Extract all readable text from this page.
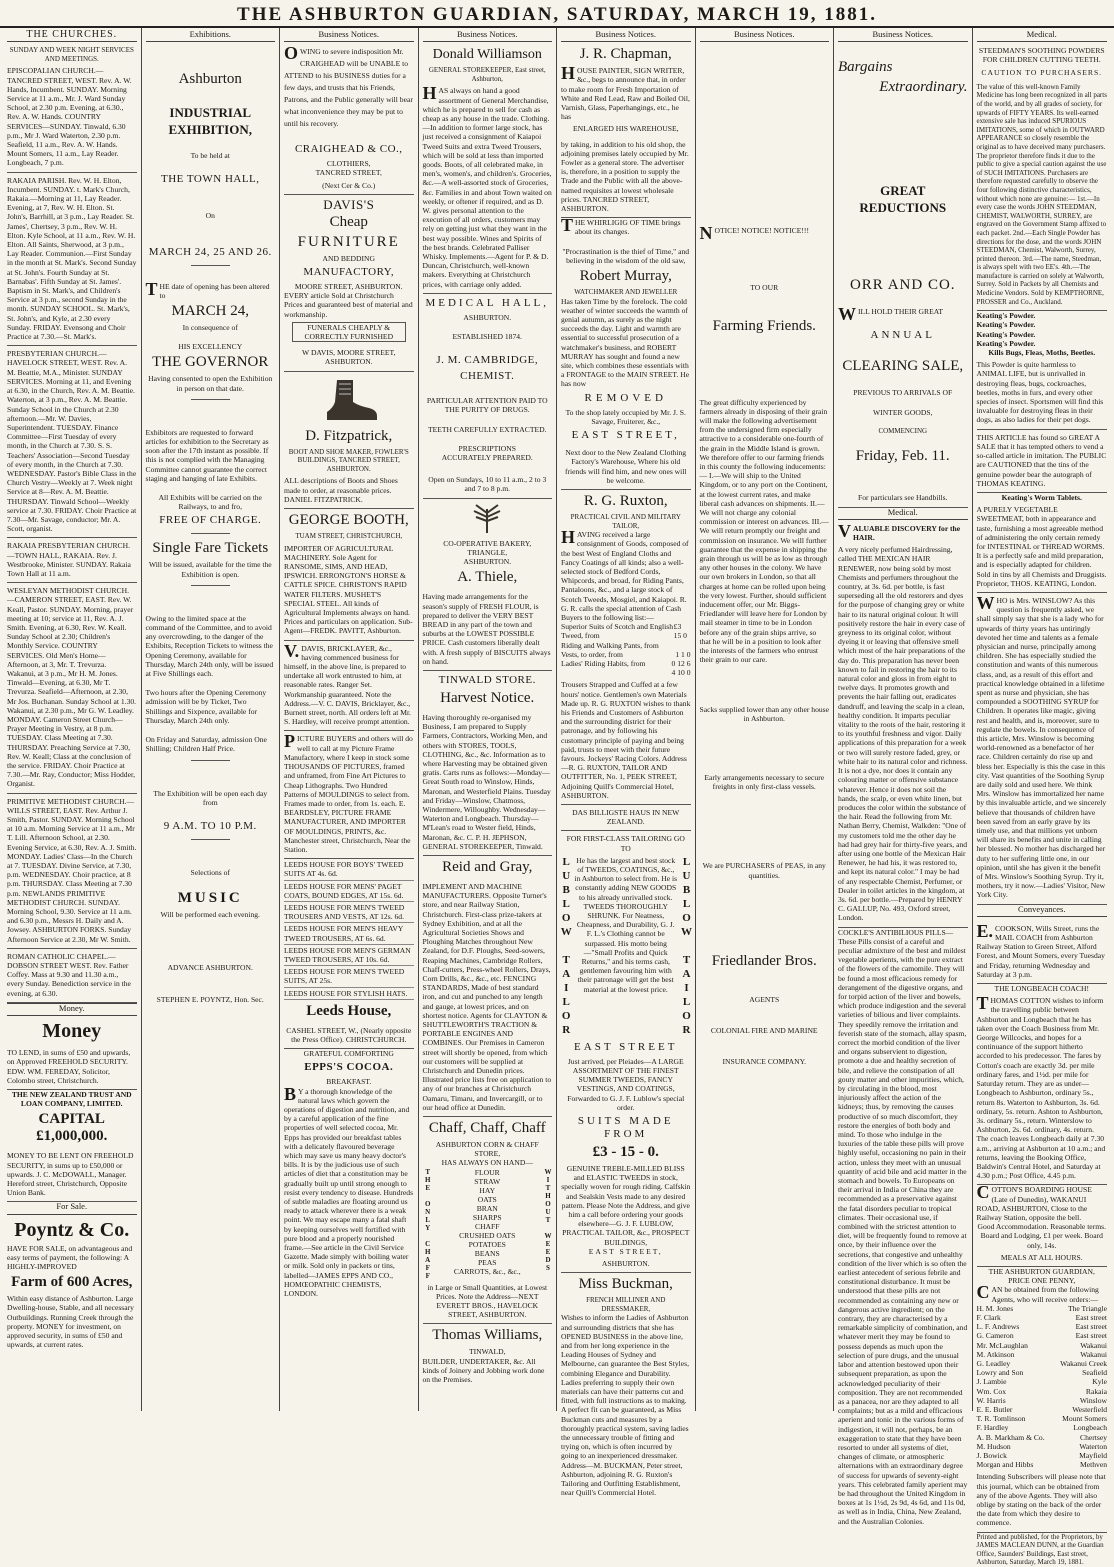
THE ASHBURTON GUARDIAN, SATURDAY, MARCH 19, 1881.
THE CHURCHES.
SUNDAY AND WEEK NIGHT SERVICES AND MEETINGS.
EPISCOPALIAN CHURCH.—TANCRED STREET, WEST. Rev. A. W. Hands, Incumbent. SUNDAY. Morning Service at 11 a.m., Mr. J. Ward Sunday School, at 2.30 p.m. Evening, at 6.30., Rev. A. W. Hands. COUNTRY SERVICES—SUNDAY. Tinwald, 6.30 p.m., Mr J. Ward Waterton, 2.30 p.m. Seafield, 11 a.m., Rev. A. W. Hands. Mount Somers, 11 a.m., Lay Reader. Longbeach, 7 p.m.
RAKAIA PARISH. Rev. W. H. Elton, Incumbent. SUNDAY. t. Mark's Church, Rakaia.—Morning at 11, Lay Reader. Evening, at 7, Rev. W. H. Elton. St. John's, Barrhill, at 3 p.m., Lay Reader. St. James', Chertsey, 3 p.m., Rev. W. H. Elton. Kyle School, at 11 a.m., Rev. W. H. Elton. All Saints, Sherwood, at 3 p.m., Lay Reader. Communion.—First Sunday in the month at St. Mark's. Second Sunday at St. John's. Fourth Sunday at St. Barnabas'. Fifth Sunday at St. James'. Baptism in St. Mark's, and Children's Service at 3 p.m., second Sunday in the month. SUNDAY SCHOOL. St. Mark's, St. John's, and Kyle, at 2.30 every Sunday. FRIDAY. Evensong and Choir Practice at 7.30.—St. Mark's.
PRESBYTERIAN CHURCH.—HAVELOCK STREET, WEST. Rev. A. M. Beattie, M.A., Minister. SUNDAY SERVICES. Morning at 11, and Evening at 6.30, in the Church, Rev. A. M. Beattie. Waterton, at 3 p.m., Rev. A. M. Beattie. Sunday School in the Church at 2.30 afternoon.—Mr. W. Davies, Superintendent. TUESDAY. Finance Committee—First Tuesday of every month, in the Church at 7.30. S. S. Teachers' Association—Second Tuesday of every month, in the Church at 7.30. WEDNESDAY. Pastor's Bible Class in the Church Vestry—Weekly at 7. Week night Service at 8—Rev. A. M. Beattie. THURSDAY. Tinwald School—Weekly service at 7.30. FRIDAY. Choir Practice at 7.30—Mr. Savage, conductor; Mr. A. Scott, organist.
RAKAIA PRESBYTERIAN CHURCH.—TOWN HALL, RAKAIA. Rev. J. Westbrooke, Minister. SUNDAY. Rakaia Town Hall at 11 a.m.
WESLEYAN METHODIST CHURCH.—CAMERON STREET, EAST. Rev. W. Keall, Pastor. SUNDAY. Morning, prayer meeting at 10; service at 11, Rev. A. J. Smith. Evening, at 6.30, Rev. W. Keall. Sunday School at 2.30; Children's Monthly Service. COUNTRY SERVICES. Old Men's Home—Afternoon, at 3, Mr. T. Trevurza. Wakanui, at 3 p.m., Mr H. M. Jones. Tinwald—Evening, at 6.30, Mr T. Trevurza. Seafield—Afternoon, at 2.30, Mr Jos. Buchanan. Sunday School at 1.30. Wakanui, at 2.30 p.m., Mr G. W. Leadley. MONDAY. Cameron Street Church—Prayer Meeting in Vestry, at 8 p.m. TUESDAY. Class Meeting at 7.30. THURSDAY. Preaching Service at 7.30, Rev. W. Keall; Class at the conclusion of the service. FRIDAY. Choir Practice at 7.30.—Mr. Ray, Conductor; Miss Hodder, Organist.
PRIMITIVE METHODIST CHURCH.—WILLS STREET, EAST. Rev. Arthur J. Smith, Pastor. SUNDAY. Morning School at 10 a.m. Morning Service at 11 a.m., Mr T. Lill. Afternoon School, at 2.30. Evening Service, at 6.30, Rev. A. J. Smith. MONDAY. Ladies' Class—In the Church at 7. TUESDAY. Divine Service, at 7.30, p.m. WEDNESDAY. Choir practice, at 8 p.m. THURSDAY. Class Meeting at 7.30 p.m. NEWLANDS PRIMITIVE METHODIST CHURCH. SUNDAY. Morning School, 9.30. Service at 11 a.m. and 6.30 p.m., Messrs H. Daily and A. Jowsey. ASHBURTON FORKS. Sunday Afternoon Service at 2.30, Mr W. Smith.
ROMAN CATHOLIC CHAPEL.—DOBSON STREET WEST. Rev. Father Coffey. Mass at 9.30 and 11.30 a.m., every Sunday. Benediction service in the evening, at 6.30.
Money.
Money
TO LEND, in sums of £50 and upwards, on Approved FREEHOLD SECURITY. EDW. WM. FEREDAY, Solicitor, Colombo street, Christchurch.
THE NEW ZEALAND TRUST AND LOAN COMPANY, LIMITED.
CAPITAL £1,000,000.
MONEY TO BE LENT ON FREEHOLD SECURITY, in sums up to £50,000 or upwards. J. C. McDOWALL, Manager. Hereford street, Christchurch, Opposite Union Bank.
For Sale.
Poyntz & Co.
HAVE FOR SALE, on advantageous and easy terms of payment, the following: A HIGHLY-IMPROVED
Farm of 600 Acres,
Within easy distance of Ashburton. Large Dwelling-house, Stable, and all necessary Outbuildings. Running Creek through the property. MONEY for investment, on approved security, in sums of £50 and upwards, at current rates.
Exhibitions.
Ashburton
INDUSTRIAL EXHIBITION,
To be held at
THE TOWN HALL,
On
MARCH 24, 25 AND 26.
THE date of opening has been altered to
MARCH 24,
In consequence of
HIS EXCELLENCY
THE GOVERNOR
Having consented to open the Exhibition in person on that date.
Exhibitors are requested to forward articles for exhibition to the Secretary as soon after the 17th instant as possible. If this is not complied with the Managing Committee cannot guarantee the correct staging and hanging of late Exhibits.
All Exhibits will be carried on the Railways, to and fro,
FREE OF CHARGE.
Single Fare Tickets
Will be issued, available for the time the Exhibition is open.
Owing to the limited space at the command of the Committee, and to avoid any overcrowding, to the danger of the Exhibits, Reception Tickets to witness the Opening Ceremony, available for Thursday, March 24th only, will be issued at Five Shillings each.
Two hours after the Opening Ceremony admission will be by Ticket, Two Shillings and Sixpence, available for Thursday, March 24th only.
On Friday and Saturday, admission One Shilling; Children Half Price.
The Exhibition will be open each day from
9 A.M. TO 10 P.M.
Selections of
MUSIC
Will be performed each evening.
ADVANCE ASHBURTON.
STEPHEN E. POYNTZ, Hon. Sec.
Business Notices.
OWING to severe indisposition Mr. CRAIGHEAD will be UNABLE to ATTEND to his BUSINESS duties for a few days, and trusts that his Friends, Patrons, and the Public generally will bear what inconvenience they may be put to until his recovery.
CRAIGHEAD & CO.,
CLOTHIERS,
TANCRED STREET,
(Next Cer & Co.)
DAVIS'S
Cheap
FURNITURE
AND BEDDING
MANUFACTORY,
MOORE STREET, ASHBURTON.
EVERY article Sold at Christchurch Prices and guaranteed best of material and workmanship.
FUNERALS CHEAPLY & CORRECTLY FURNISHED
W DAVIS, MOORE STREET, ASHBURTON.
D. Fitzpatrick,
BOOT AND SHOE MAKER, FOWLER'S BUILDINGS, TANCRED STREET, ASHBURTON.
ALL descriptions of Boots and Shoes made to order, at reasonable prices. DANIEL FITZPATRICK.
GEORGE BOOTH,
TUAM STREET, CHRISTCHURCH,
IMPORTER OF AGRICULTURAL MACHINERY. Sole Agent for RANSOME, SIMS, AND HEAD, IPSWICH. ERRONGTON'S HORSE & CATTLE SPICE. CHRISTON'S RAPID WATER FILTERS. MUSHET'S SPECIAL STEEL. All kinds of Agricultural Implements always on hand. Prices and particulars on application. Sub-Agent—FREDK. PAVITT, Ashburton.
V.DAVIS, BRICKLAYER, &c., having commenced business for himself, in the above line, is prepared to undertake all work entrusted to him, at reasonable rates. Ranger Set. Workmanship guaranteed. Note the Address.—V. C. DAVIS, Bricklayer, &c., Burnett street, north. All orders left at Mr. S. Hardley, will receive prompt attention.
PICTURE BUYERS and others will do well to call at my Picture Frame Manufactory, where I keep in stock some THOUSANDS OF PICTURES, framed and unframed, from Fine Art Pictures to Cheap Lithographs. Two Hundred Patterns of MOULDINGS to select from. Frames made to order, from 1s. each. E. BEARDSLEY, PICTURE FRAME MANUFACTURER, AND IMPORTER OF MOULDINGS, PRINTS, &c. Manchester street, Christchurch, Near the Station.
LEEDS HOUSE FOR BOYS' TWEED SUITS AT 4s. 6d.
LEEDS HOUSE FOR MENS' PAGET COATS, BOUND EDGES, AT 15s. 6d.
LEEDS HOUSE FOR MEN'S TWEED TROUSERS AND VESTS, AT 12s. 6d.
LEEDS HOUSE FOR MEN'S HEAVY TWEED TROUSERS, AT 6s. 6d.
LEEDS HOUSE FOR MEN'S GERMAN TWEED TROUSERS, AT 10s. 6d.
LEEDS HOUSE FOR MEN'S TWEED SUITS, AT 25s.
LEEDS HOUSE FOR STYLISH HATS.
Leeds House,
CASHEL STREET, W., (Nearly opposite the Press Office). CHRISTCHURCH.
GRATEFUL COMFORTING
EPPS'S COCOA.
BREAKFAST.
BY a thorough knowledge of the natural laws which govern the operations of digestion and nutrition, and by a careful application of the fine properties of well selected cocoa, Mr. Epps has provided our breakfast tables with a delicately flavoured beverage which may save us many heavy doctor's bills. It is by the judicious use of such articles of diet that a constitution may be gradually built up until strong enough to resist every tendency to disease. Hundreds of subtle maladies are floating around us ready to attack wherever there is a weak point. We may escape many a fatal shaft by keeping ourselves well fortified with pure blood and a properly nourished frame.—See article in the Civil Service Gazette. Made simply with boiling water or milk. Sold only in packets or tins, labelled—JAMES EPPS AND CO., HOMŒOPATHIC CHEMISTS, LONDON.
Business Notices.
Donald Williamson
GENERAL STOREKEEPER, East street, Ashburton,
HAS always on hand a good assortment of General Merchandise, which he is prepared to sell for cash as cheap as any house in the trade. Clothing.—In addition to former large stock, has just received a consignment of Kaiapoi Tweed Suits and extra Tweed Trousers, which will be sold at less than imported goods. Boots, of all celebrated make, in men's, women's, and children's. Groceries, &c.—A well-assorted stock of Groceries, &c. Families in and about Town waited on weekly, or oftener if required, and as D. W. gives personal attention to the execution of all orders, customers may rely on getting just what they want in the best way possible. Wines and Spirits of the best brands. Celebrated Palliser Whisky. Implements.—Agent for P. & D. Duncan, Christchurch, well-known makers. Everything at Christchurch prices, with carriage only added.
MEDICAL HALL,
ASHBURTON.
ESTABLISHED 1874.
J. M. CAMBRIDGE,
CHEMIST.
PARTICULAR ATTENTION PAID TO THE PURITY OF DRUGS.
TEETH CAREFULLY EXTRACTED.
PRESCRIPTIONS
ACCURATELY PREPARED.
Open on Sundays, 10 to 11 a.m., 2 to 3 and 7 to 8 p.m.
CO-OPERATIVE BAKERY,
TRIANGLE,
ASHBURTON.
A. Thiele,
Having made arrangements for the season's supply of FRESH FLOUR, is prepared to deliver the VERY BEST BREAD in any part of the town and suburbs at the LOWEST POSSIBLE PRICE. Cash customers liberally dealt with. A fresh supply of BISCUITS always on hand.
TINWALD STORE.
Harvest Notice.
Having thoroughly re-organised my Business, I am prepared to Supply Farmers, Contractors, Working Men, and others with STORES, TOOLS, CLOTHING, &c., &c. Information as to where Harvesting may be obtained given gratis. Carts runs as follows:—Monday—Great South road to Winslow, Hinds, Maronan, and Westerfield Plains. Tuesday and Friday—Winslow, Chatmoss, Windermere, Willoughby. Wednesday—Waterton and Longbeach. Thursday—M'Lean's road to Wester field, Hinds, Maronan, &c. C. P. H. JEPHSON, GENERAL STOREKEEPER, Tinwald.
Reid and Gray,
IMPLEMENT AND MACHINE MANUFACTURERS. Opposite Turner's store, and near Railway Station, Christchurch. First-class prize-takers at Sydney Exhibition, and at all the Agricultural Societies Shows and Ploughing Matches throughout New Zealand, for D.F. Ploughs, Seed-sowers, Reaping Machines, Cambridge Rollers, Chaff-cutters, Press-wheel Rollers, Drays, Corn Drills, &c., &c., etc. FENCING STANDARDS, Made of best standard iron, and cut and punched to any length and gauge, at lowest prices, and on shortest notice. Agents for CLAYTON & SHUTTLEWORTH'S TRACTION & PORTABLE ENGINES AND COMBINES. Our Premises in Cameron street will shortly be opened, from which our customers will be supplied at Christchurch and Dunedin prices. Illustrated price lists free on application to any of our branches at Christchurch Oamaru, Timaru, and Invercargill, or to our head office at Dunedin.
Chaff, Chaff, Chaff
ASHBURTON CORN & CHAFF STORE,
HAS ALWAYS ON HAND—
THE ONLY CHAFF	FLOUR
STRAW
HAY
OATS
BRAN
SHARPS
CHAFF
CRUSHED OATS
POTATOES
BEANS
PEAS
CARROTS, &c., &c.,	WITHOUT WEEDS
in Large or Small Quantities, at Lowest Prices. Note the Address—NEXT EVERETT BROS., HAVELOCK STREET, ASHBURTON.
Thomas Williams,
TINWALD,
BUILDER, UNDERTAKER, &c. All kinds of Joinery and Jobbing work done on the Premises.
Business Notices.
J. R. Chapman,
HOUSE PAINTER, SIGN WRITER, &c., begs to announce that, in order to make room for Fresh Importation of White and Red Lead, Raw and Boiled Oil, Varnish, Glass, Paperhangings, etc., he has
ENLARGED HIS WAREHOUSE,
by taking, in addition to his old shop, the adjoining premises lately occupied by Mr. Fowler as a general store. The advertiser is, therefore, in a position to supply the Trade and the Public with all the above-named requisites at lowest wholesale prices. TANCRED STREET, ASHBURTON.
THE WHIRLIGIG OF TIME brings about its changes.
"Procrastination is the thief of Time," and believing in the wisdom of the old saw,
Robert Murray,
WATCHMAKER AND JEWELLER
Has taken Time by the forelock. The cold weather of winter succeeds the warmth of genial autumn, as surely as the night succeeds the day. Light and warmth are essential to successful prosecution of a watchmaker's business, and ROBERT MURRAY has sought and found a new site, which combines these essentials with a FRONTAGE to the MAIN STREET. He has now
REMOVED
To the shop lately occupied by Mr. J. S. Savage, Fruiterer, &c.,
EAST STREET,
Next door to the New Zealand Clothing Factory's Warehouse, Where his old friends will find him, and new ones will be welcome.
R. G. Ruxton,
PRACTICAL CIVIL AND MILITARY TAILOR,
HAVING received a large consignment of Goods, composed of the best West of England Cloths and Fancy Coatings of all kinds; also a well-selected stock of Bedford Cords, Whipcords, and broad, for Riding Pants, Pantaloons, &c., and a large stock of Scotch Tweeds, Mosgiel, and Kaiapoi. R. G. R. calls the special attention of Cash Buyers to the following list:—
Superior Suits of Scotch and English Tweed, from
£3 15 0
Riding and Walking Pants, from
Vests, to order, from	1 1 0
Ladies' Riding Habits, from	0 12 6
4 10 0
Trousers Strapped and Cuffed at a few hours' notice. Gentlemen's own Materials Made up. R. G. RUXTON wishes to thank his Friends and Customers of Ashburton and the surrounding district for their patronage, and by following his customary principle of paying and being paid, trusts to meet with their future favours. Jockeys' Racing Colors. Address—R. G. RUXTON, TAILOR AND OUTFITTER, No. 1, PEEK STREET, Adjoining Quill's Commercial Hotel, ASHBURTON.
DAS BILLIGSTE HAUS IN NEW ZEALAND.
FOR FIRST-CLASS TAILORING GO TO
LUBLOW TAILOR He has the largest and best stock of TWEEDS, COATINGS, &c., in Ashburton to select from. He is constantly adding NEW GOODS to his already unrivalled stock. TWEEDS THOROUGHLY SHRUNK. For Neatness, Cheapness, and Durability, G. J. F. L.'s Clothing cannot be surpassed. His motto being—"Small Profits and Quick Returns," and his terms cash, gentlemen favouring him with their patronage will get the best material at the lowest price.	LUBLOW TAILOR
EAST STREET
Just arrived, per Pleiades—A LARGE ASSORTMENT OF THE FINEST SUMMER TWEEDS, FANCY VESTINGS, AND COATINGS, Forwarded to G. J. F. Lublow's special order.
SUITS MADE FROM
£3 - 15 - 0.
GENUINE TREBLE-MILLED BLISS and ELASTIC TWEEDS in stock, specially woven for rough riding. Calfskin and Sealskin Vests made to any desired pattern. Please Note the Address, and give him a call before ordering your goods elsewhere—G. J. F. LUBLOW, PRACTICAL TAILOR, &c., PROSPECT BUILDINGS,
EAST STREET,
ASHBURTON.
Miss Buckman,
FRENCH MILLINER AND DRESSMAKER,
Wishes to inform the Ladies of Ashburton and surrounding districts that she has OPENED BUSINESS in the above line, and from her long experience in the Leading Houses of Sydney and Melbourne, can guarantee the Best Styles, combining Elegance and Durability. Ladies preferring to supply their own materials can have their patterns cut and fitted, with full instructions as to making. A perfect fit can be guaranteed, as Miss Buckman cuts and measures by a thoroughly practical system, saving ladies the unnecessary trouble of fitting and trying on, which is often incurred by going to an inexperienced dressmaker. Address—M. BUCKMAN, Peter street, Ashburton, adjoining R. G. Ruxton's Tailoring and Outfitting Establishment, near Quill's Commercial Hotel.
Business Notices.
NOTICE! NOTICE! NOTICE!!!
TO OUR
Farming Friends.
The great difficulty experienced by farmers already in disposing of their grain will make the following advertisement from the undersigned firm especially attractive to a considerable one-fourth of the grain in the Middle Island is grown. We therefore offer to our farming friends in this county the following inducements:— I.—We will ship to the United Kingdom, or to any port on the Continent, at the lowest current rates, and make liberal cash advances on shipments. II.—We will not charge any colonial commission or interest on advances. III.—We will return promptly our freight and commission on insurance. We will further guarantee that the expense in shipping the grain through us will be as low as through any other houses in the colony. We have our own brokers in London, so that all charges at home can be rolled upon being the very lowest. Further, should sufficient inducement offer, our Mr. Biggs-Friedlander will leave here for London by mail steamer in time to be in London before any of the grain ships arrive, so that he will be in a position to look after the interests of the farmers who entrust their grain to our care.
Sacks supplied lower than any other house in Ashburton.
Early arrangements necessary to secure freights in only first-class vessels.
We are PURCHASERS of PEAS, in any quantities.
Friedlander Bros.
AGENTS
COLONIAL FIRE AND MARINE
INSURANCE COMPANY.
Business Notices.
Bargains
Extraordinary.
GREAT REDUCTIONS
ORR AND CO.
WILL HOLD THEIR GREAT
ANNUAL
CLEARING SALE,
PREVIOUS TO ARRIVALS OF
WINTER GOODS,
COMMENCING
Friday, Feb. 11.
For particulars see Handbills.
Medical.
VALUABLE DISCOVERY for the HAIR.
A very nicely perfumed Hairdressing, called THE MEXICAN HAIR RENEWER, now being sold by most Chemists and perfumers throughout the country, at 3s. 6d. per bottle, is fast superseding all the old restorers and dyes for the purpose of changing grey or white hair to its natural original colour. It will positively restore the hair in every case of greyness to its original color, without dyeing it or leaving that offensive smell which most of the hair preparations of the day do. This preparation has never been known to fail in restoring the hair to its natural color and gloss in from eight to twelve days. It promotes growth and prevents the hair falling out, eradicates dandruff, and leaving the scalp in a clean, healthy condition. It imparts peculiar vitality to the roots of the hair, restoring it to its youthful freshness and vigor. Daily applications of this preparation for a week or two will surely restore faded, grey, or white hair to its natural color and richness. It is not a dye, nor does it contain any colouring matter or offensive substance whatever. Hence it does not soil the hands, the scalp, or even white linen, but produces the color within the substance of the hair. Read the following from Mr. Nathan Berry, Chemist, Walkden: "One of my customers told me the other day he had had grey hair for thirty-five years, and after using one bottle of the Mexican Hair Renewer, he had his, it was restored to, and kept its natural color." I may be had of any respectable Chemist, Perfumer, or Dealer in toilet articles in the kingdom, at 3s. 6d. per bottle.—Prepared by HENRY C. GALLUP, No. 493, Oxford street, London.
COCKLE'S ANTIBILIOUS PILLS—These Pills consist of a careful and peculiar admixture of the best and mildest vegetable aperients, with the pure extract of the flowers of the camomile. They will be found a most efficacious remedy for derangement of the digestive organs, and for torpid action of the liver and bowels, which produce indigestion and the several varieties of bilious and liver complaints. They speedily remove the irritation and feverish state of the stomach, allay spasm, correct the morbid condition of the liver and organs subservient to digestion, promote a due and healthy secretion of bile, and relieve the constipation of all gouty matter and other impurities, which, by circulating in the blood, most injuriously affect the action of the kidneys; thus, by removing the causes productive of so much discomfort, they restore the energies of both body and mind. To those who indulge in the luxuries of the table these pills will prove highly useful, occasioning no pain in their action, unless they meet with an unusual quantity of acid bile and acid matter in the stomach and bowels. To Europeans on their arrival in India or China they are recommended as a preservative against the fatal disorders peculiar to tropical climates. Their occasional use, if combined with the strictest attention to diet, will be frequently found to remove at once, by their influence over the secretions, that congestive and unhealthy condition of the liver which is so often the earliest antecedent of serious febrile and constitutional disturbance. It must be understood that these pills are not recommended as containing any new or dangerous active ingredient; on the contrary, they are characterised by a remarkable simplicity of combination, and whatever merit they may be found to possess depends as much upon the selection of pure drugs, and the unusual labor and attention bestowed upon their subsequent preparation, as upon the acknowledged peculiarity of their composition. They are not recommended as a panacea, nor are they adapted to all complaints; but as a mild and efficacious aperient and tonic in the various forms of indigestion, it will not, perhaps, be an exaggeration to state that they have been resorted to under all systems of diet, changes of climate, or atmospheric alternations with an extraordinary degree of success for upwards of seventy-eight years. This celebrated family aperient may be had throughout the United Kingdom in boxes at 1s 1½d, 2s 9d, 4s 6d, and 11s 0d, as well as in India, China, New Zealand, and the Australian Colonies.
Medical.
STEEDMAN'S SOOTHING POWDERS FOR CHILDREN CUTTING TEETH.
CAUTION TO PURCHASERS.
The value of this well-known Family Medicine has long been recognized in all parts of the world, and by all grades of society, for upwards of FIFTY YEARS. Its well-earned extensive sale has induced SPURIOUS IMITATIONS, some of which in OUTWARD APPEARANCE so closely resemble the original as to have deceived many purchasers. The proprietor therefore finds it due to the public to give a special caution against the use of SUCH IMITATIONS. Purchasers are therefore requested carefully to observe the four following distinctive characteristics, without which none are genuine:— 1st.—In every case the words JOHN STEEDMAN, CHEMIST, WALWORTH, SURREY, are engraved on the Government Stamp affixed to each packet. 2nd.—Each Single Powder has directions for the dose, and the words JOHN STEEDMAN, Chemist, Walworth, Surrey, printed thereon. 3rd.—The name, Steedman, is always spelt with two EE's. 4th.—The manufacture is carried on solely at Walworth, Surrey. Sold in Packets by all Chemists and Medicine Vendors. Sold by KEMPTHORNE, PROSSER and Co., Auckland.
Keating's Powder.
Keating's Powder.
Keating's Powder.
Keating's Powder.
Kills Bugs, Fleas, Moths, Beetles.
This Powder is quite harmless to ANIMAL LIFE, but is unrivalled in destroying fleas, bugs, cockroaches, beetles, moths in furs, and every other species of insect. Sportsmen will find this invaluable for destroying fleas in their dogs, as also ladies for their pet dogs.
THIS ARTICLE has found so GREAT A SALE that it has tempted others to vend a so-called article in imitation. The PUBLIC are CAUTIONED that the tins of the genuine powder bear the autograph of THOMAS KEATING.
Keating's Worm Tablets.
A PURELY VEGETABLE SWEETMEAT, both in appearance and taste, furnishing a most agreeable method of administering the only certain remedy for INTESTINAL or THREAD WORMS. It is a perfectly safe and mild preparation, and is especially adapted for children. Sold in tins by all Chemists and Druggists. Proprietor, THOS. KEATING, London.
WHO is Mrs. WINSLOW? As this question is frequently asked, we shall simply say that she is a lady who for upwards of thirty years has untiringly devoted her time and talents as a female physician and nurse, principally among children. She has especially studied the constitution and wants of this numerous class, and, as a result of this effort and practical knowledge obtained in a lifetime spent as nurse and physician, she has compounded a SOOTHING SYRUP for Children. It operates like magic, giving rest and health, and is, moreover, sure to regulate the bowels. In consequence of this article, Mrs. Winslow is becoming world-renowned as a benefactor of her race. Children certainly do rise up and bless her. Especially is this the case in this city. Vast quantities of the Soothing Syrup are daily sold and used here. We think Mrs. Winslow has immortalized her name by this invaluable article, and we sincerely believe that thousands of children have been saved from an early grave by its timely use, and that millions yet unborn will share its benefits and unite in calling her blessed. No mother has discharged her duty to her suffering little one, in our opinion, until she has given it the benefit of Mrs. Winslow's Soothing Syrup. Try it, mothers, try it now.—Ladies' Visitor, New York City.
Conveyances.
E.COOKSON, Wills Street, runs the MAIL COACH from Ashburton Railway Station to Green Street, Alford Forest, and Mount Somers, every Tuesday and Friday, returning Wednesday and Saturday at 3 p.m.
THE LONGBEACH COACH!
THOMAS COTTON wishes to inform the travelling public between Ashburton and Longbeach that he has taken over the Coach Business from Mr. George Willcocks, and hopes for a continuance of the support hitherto accorded to his predecessor. The fares by Cotton's coach are exactly 3d. per mile ordinary fares, and 1½d. per mile for Saturday return. They are as under— Longbeach to Ashburton, ordinary 5s., return 8s. Waterton to Ashburton, 3s. 6d. ordinary, 5s. return. Ashton to Ashburton, 3s. ordinary 5s., return. Winterslow to Ashburton, 2s. 6d. ordinary, 4s. return. The coach leaves Longbeach daily at 7.30 a.m., arriving at Ashburton at 10 a.m.; and returns, leaving the Booking Office, Baldwin's Central Hotel, and Saturday at 4.30 p.m.; Post Office, 4.45 p.m.
COTTON'S BOARDING HOUSE (Late of Dunedin), WAKANUI ROAD, ASHBURTON, Close to the Railway Station, opposite the bell.
Good Accommodation. Reasonable terms. Board and Lodging, £1 per week. Board only, 14s.
MEALS AT ALL HOURS.
THE ASHBURTON GUARDIAN,
PRICE ONE PENNY,
CAN be obtained from the following Agents, who will receive orders:—
H. M. Jones	The Triangle
F. Clark	East street
L. F. Andrews	East street
G. Cameron	East street
Mr. McLaughlan	Wakanui
M. Atkinson	Wakanui
G. Leadley	Wakanui Creek
Lowry and Son	Seafield
J. Lambie	Kyle
Wm. Cox	Rakaia
W. Harris	Winslow
E. E. Butler	Westerfield
T. R. Tomlinson	Mount Somers
F. Hardley	Longbeach
A. B. Markham & Co.	Chertsey
M. Hudson	Waterton
J. Bowick	Mayfield
Morgan and Hibbs	Methven
Intending Subscribers will please note that this journal, which can be obtained from any of the above Agents. They will also oblige by stating on the back of the order the date from which they desire to commence.
Printed and published, for the Proprietors, by JAMES MACLEAN DUNN, at the Guardian Office, Saunders' Buildings, East street, Ashburton, Saturday, March 19, 1881.
